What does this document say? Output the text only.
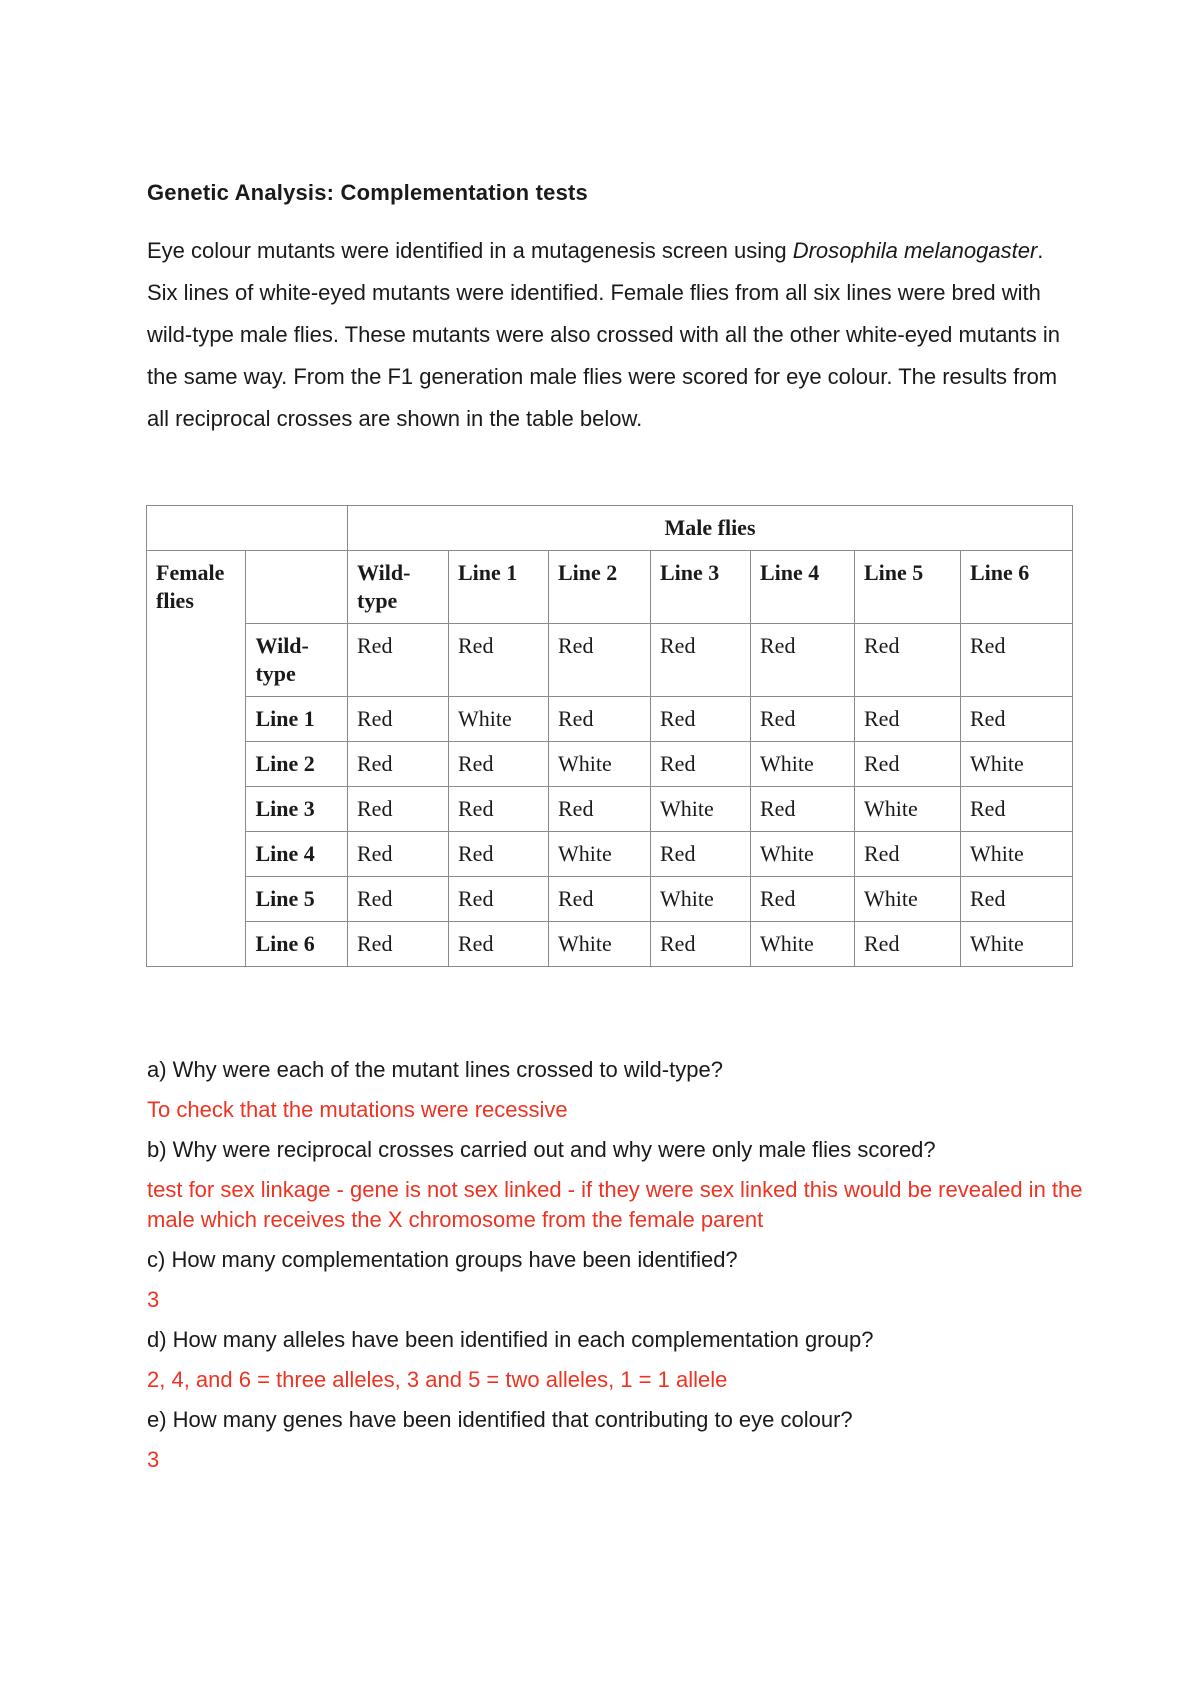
Genetic Analysis: Complementation tests

Eye colour mutants were identified in a mutagenesis screen using Drosophila melanogaster. Six lines of white-eyed mutants were identified. Female flies from all six lines were bred with wild-type male flies. These mutants were also crossed with all the other white-eyed mutants in the same way. From the F1 generation male flies were scored for eye colour. The results from all reciprocal crosses are shown in the table below.

		Male flies						
Female flies		Wild-type	Line 1	Line 2	Line 3	Line 4	Line 5	Line 6
	Wild-type	Red	Red	Red	Red	Red	Red	Red
	Line 1	Red	White	Red	Red	Red	Red	Red
	Line 2	Red	Red	White	Red	White	Red	White
	Line 3	Red	Red	Red	White	Red	White	Red
	Line 4	Red	Red	White	Red	White	Red	White
	Line 5	Red	Red	Red	White	Red	White	Red
	Line 6	Red	Red	White	Red	White	Red	White

a) Why were each of the mutant lines crossed to wild-type?

To check that the mutations were recessive

b) Why were reciprocal crosses carried out and why were only male flies scored?

test for sex linkage - gene is not sex linked - if they were sex linked this would be revealed in the male which receives the X chromosome from the female parent

c) How many complementation groups have been identified?

3

d) How many alleles have been identified in each complementation group?

2, 4, and 6 = three alleles, 3 and 5 = two alleles, 1 = 1 allele

e) How many genes have been identified that contributing to eye colour?

3
